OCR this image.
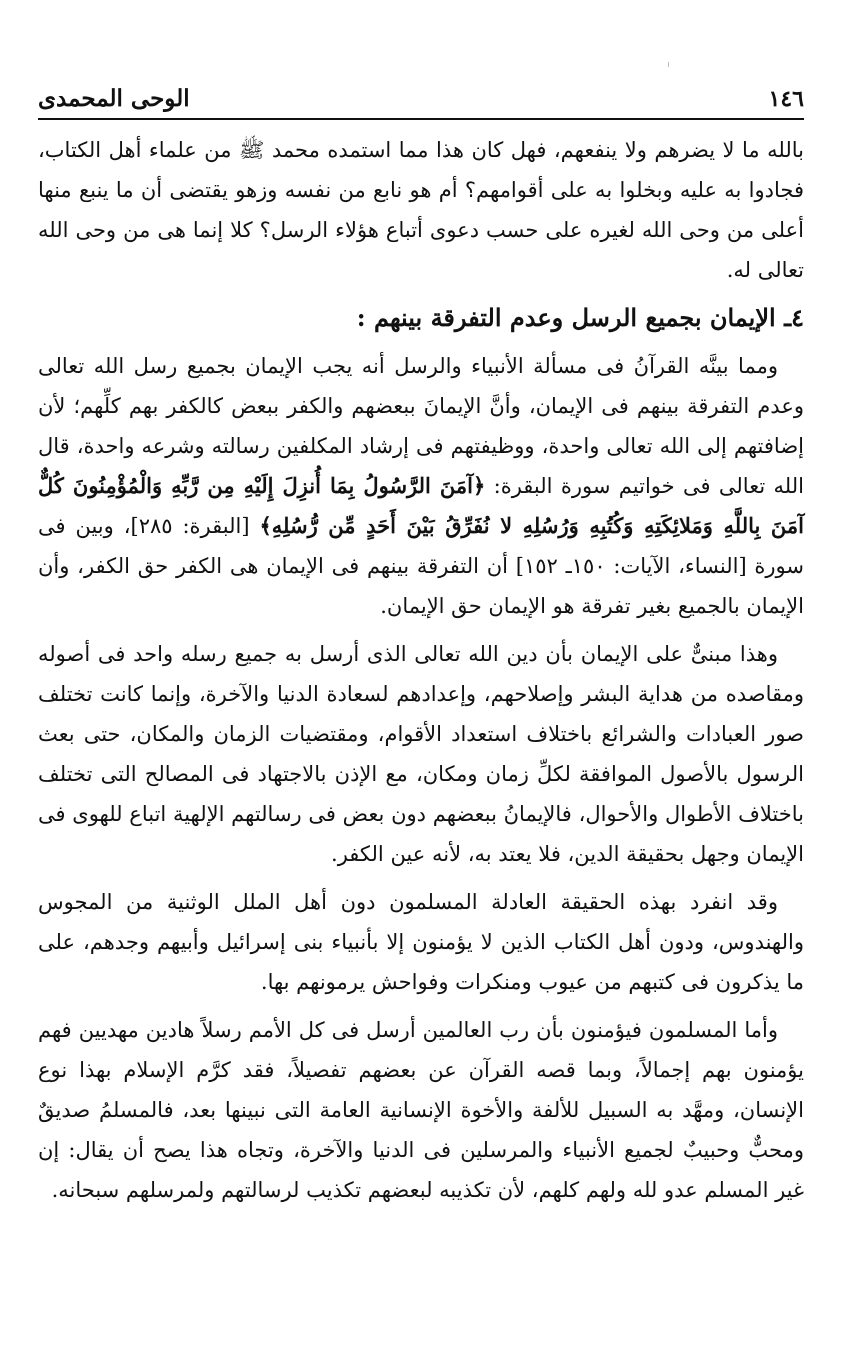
الوحى المحمدى	١٤٦

بالله ما لا يضرهم ولا ينفعهم، فهل كان هذا مما استمده محمد ﷺ من علماء أهل الكتاب، فجادوا به عليه وبخلوا به على أقوامهم؟ أم هو نابع من نفسه وزهو يقتضى أن ما ينبع منها أعلى من وحى الله لغيره على حسب دعوى أتباع هؤلاء الرسل؟ كلا إنما هى من وحى الله تعالى له.

٤ـ الإيمان بجميع الرسل وعدم التفرقة بينهم :

ومما بينَّه القرآنُ فى مسألة الأنبياء والرسل أنه يجب الإيمان بجميع رسل الله تعالى وعدم التفرقة بينهم فى الإيمان، وأنَّ الإيمانَ ببعضهم والكفر ببعض كالكفر بهم كلِّهم؛ لأن إضافتهم إلى الله تعالى واحدة، ووظيفتهم فى إرشاد المكلفين رسالته وشرعه واحدة، قال الله تعالى فى خواتيم سورة البقرة: ﴿آمَنَ الرَّسُولُ بِمَا أُنزِلَ إِلَيْهِ مِن رَّبِّهِ وَالْمُؤْمِنُونَ كُلٌّ آمَنَ بِاللَّهِ وَمَلائِكَتِهِ وَكُتُبِهِ وَرُسُلِهِ لا نُفَرِّقُ بَيْنَ أَحَدٍ مِّن رُّسُلِهِ﴾ [البقرة: ٢٨٥]، وبين فى سورة [النساء، الآيات: ١٥٠ـ ١٥٢] أن التفرقة بينهم فى الإيمان هى الكفر حق الكفر، وأن الإيمان بالجميع بغير تفرقة هو الإيمان حق الإيمان.

وهذا مبنىٌّ على الإيمان بأن دين الله تعالى الذى أرسل به جميع رسله واحد فى أصوله ومقاصده من هداية البشر وإصلاحهم، وإعدادهم لسعادة الدنيا والآخرة، وإنما كانت تختلف صور العبادات والشرائع باختلاف استعداد الأقوام، ومقتضيات الزمان والمكان، حتى بعث الرسول بالأصول الموافقة لكلِّ زمان ومكان، مع الإذن بالاجتهاد فى المصالح التى تختلف باختلاف الأطوال والأحوال، فالإيمانُ ببعضهم دون بعض فى رسالتهم الإلهية اتباع للهوى فى الإيمان وجهل بحقيقة الدين، فلا يعتد به، لأنه عين الكفر.

وقد انفرد بهذه الحقيقة العادلة المسلمون دون أهل الملل الوثنية من المجوس والهندوس، ودون أهل الكتاب الذين لا يؤمنون إلا بأنبياء بنى إسرائيل وأبيهم وجدهم، على ما يذكرون فى كتبهم من عيوب ومنكرات وفواحش يرمونهم بها.

وأما المسلمون فيؤمنون بأن رب العالمين أرسل فى كل الأمم رسلاً هادين مهديين فهم يؤمنون بهم إجمالاً، وبما قصه القرآن عن بعضهم تفصيلاً، فقد كرَّم الإسلام بهذا نوع الإنسان، ومهَّد به السبيل للألفة والأخوة الإنسانية العامة التى نبينها بعد، فالمسلمُ صديقٌ ومحبٌّ وحبيبٌ لجميع الأنبياء والمرسلين فى الدنيا والآخرة، وتجاه هذا يصح أن يقال: إن غير المسلم عدو لله ولهم كلهم، لأن تكذيبه لبعضهم تكذيب لرسالتهم ولمرسلهم سبحانه.
